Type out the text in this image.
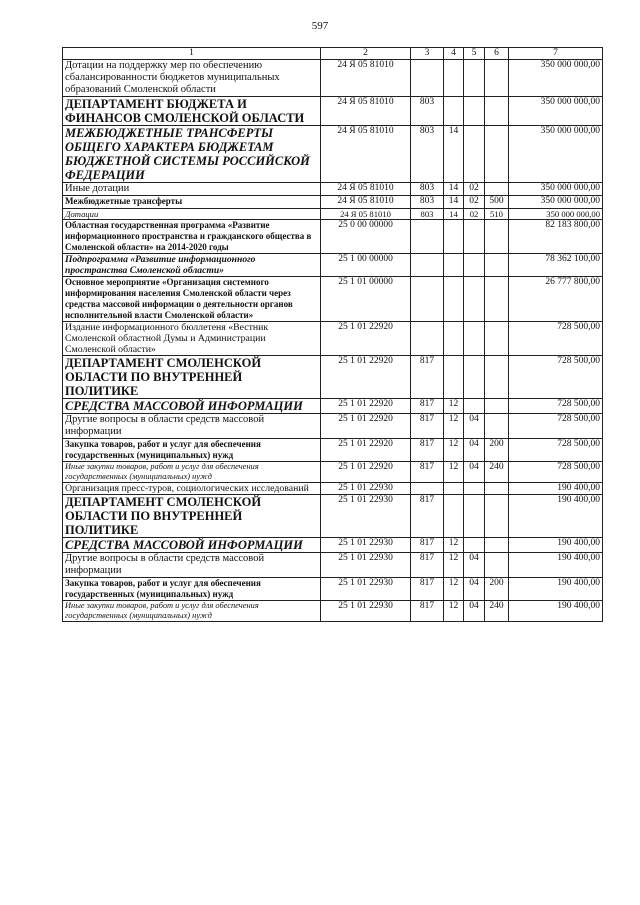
597
1	2	3	4	5	6	7
Дотации на поддержку мер по обеспечению сбалансированности бюджетов муниципальных образований Смоленской области	24 Я 05 81010					350 000 000,00
ДЕПАРТАМЕНТ БЮДЖЕТА И ФИНАНСОВ СМОЛЕНСКОЙ ОБЛАСТИ	24 Я 05 81010	803				350 000 000,00
МЕЖБЮДЖЕТНЫЕ ТРАНСФЕРТЫ ОБЩЕГО ХАРАКТЕРА БЮДЖЕТАМ БЮДЖЕТНОЙ СИСТЕМЫ РОССИЙСКОЙ ФЕДЕРАЦИИ	24 Я 05 81010	803	14			350 000 000,00
Иные дотации	24 Я 05 81010	803	14	02		350 000 000,00
Межбюджетные трансферты	24 Я 05 81010	803	14	02	500	350 000 000,00
Дотации	24 Я 05 81010	803	14	02	510	350 000 000,00
Областная государственная программа «Развитие информационного пространства и гражданского общества в Смоленской области» на 2014-2020 годы	25 0 00 00000					82 183 800,00
Подпрограмма «Развитие информационного пространства Смоленской области»	25 1 00 00000					78 362 100,00
Основное мероприятие «Организация системного информирования населения Смоленской области через средства массовой информации о деятельности органов исполнительной власти Смоленской области»	25 1 01 00000					26 777 800,00
Издание информационного бюллетеня «Вестник Смоленской областной Думы и Администрации Смоленской области»	25 1 01 22920					728 500,00
ДЕПАРТАМЕНТ СМОЛЕНСКОЙ ОБЛАСТИ ПО ВНУТРЕННЕЙ ПОЛИТИКЕ	25 1 01 22920	817				728 500,00
СРЕДСТВА МАССОВОЙ ИНФОРМАЦИИ	25 1 01 22920	817	12			728 500,00
Другие вопросы в области средств массовой информации	25 1 01 22920	817	12	04		728 500,00
Закупка товаров, работ и услуг для обеспечения государственных (муниципальных) нужд	25 1 01 22920	817	12	04	200	728 500,00
Иные закупки товаров, работ и услуг для обеспечения государственных (муниципальных) нужд	25 1 01 22920	817	12	04	240	728 500,00
Организация пресс-туров, социологических исследований	25 1 01 22930					190 400,00
ДЕПАРТАМЕНТ СМОЛЕНСКОЙ ОБЛАСТИ ПО ВНУТРЕННЕЙ ПОЛИТИКЕ	25 1 01 22930	817				190 400,00
СРЕДСТВА МАССОВОЙ ИНФОРМАЦИИ	25 1 01 22930	817	12			190 400,00
Другие вопросы в области средств массовой информации	25 1 01 22930	817	12	04		190 400,00
Закупка товаров, работ и услуг для обеспечения государственных (муниципальных) нужд	25 1 01 22930	817	12	04	200	190 400,00
Иные закупки товаров, работ и услуг для обеспечения государственных (муниципальных) нужд	25 1 01 22930	817	12	04	240	190 400,00
